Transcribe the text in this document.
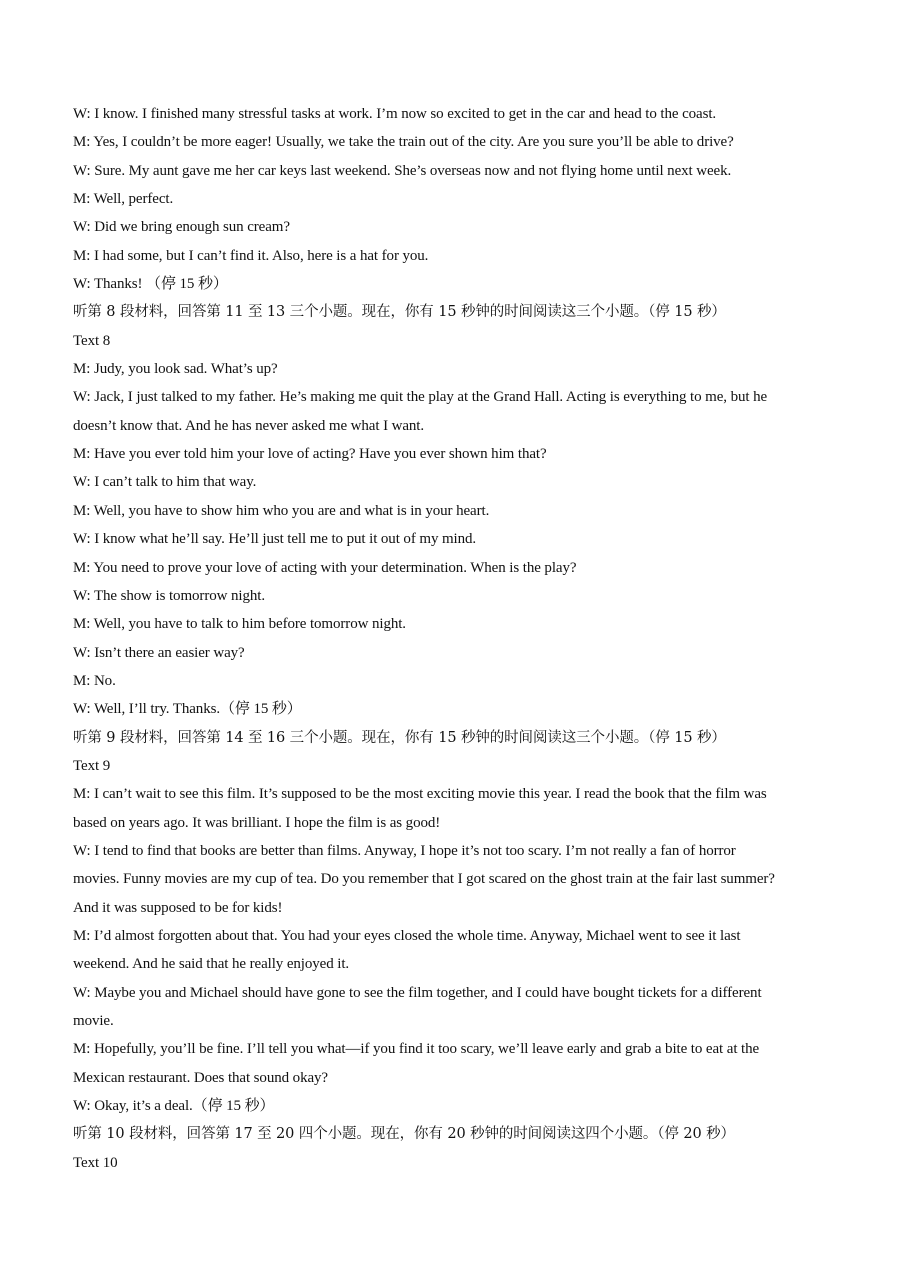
W: I know. I finished many stressful tasks at work. I’m now so excited to get in the car and head to the coast.
M: Yes, I couldn’t be more eager! Usually, we take the train out of the city. Are you sure you’ll be able to drive?
W: Sure. My aunt gave me her car keys last weekend. She’s overseas now and not flying home until next week.
M: Well, perfect.
W: Did we bring enough sun cream?
M: I had some, but I can’t find it. Also, here is a hat for you.
W: Thanks! （停 15 秒）
听第 8 段材料，回答第 11 至 13 三个小题。现在，你有 15 秒钟的时间阅读这三个小题。（停 15 秒）
Text 8
M: Judy, you look sad. What’s up?
W: Jack, I just talked to my father. He’s making me quit the play at the Grand Hall. Acting is everything to me, but he
doesn’t know that. And he has never asked me what I want.
M: Have you ever told him your love of acting? Have you ever shown him that?
W: I can’t talk to him that way.
M: Well, you have to show him who you are and what is in your heart.
W: I know what he’ll say. He’ll just tell me to put it out of my mind.
M: You need to prove your love of acting with your determination. When is the play?
W: The show is tomorrow night.
M: Well, you have to talk to him before tomorrow night.
W: Isn’t there an easier way?
M: No.
W: Well, I’ll try. Thanks.（停 15 秒）
听第 9 段材料，回答第 14 至 16 三个小题。现在，你有 15 秒钟的时间阅读这三个小题。（停 15 秒）
Text 9
M: I can’t wait to see this film. It’s supposed to be the most exciting movie this year. I read the book that the film was
based on years ago. It was brilliant. I hope the film is as good!
W: I tend to find that books are better than films. Anyway, I hope it’s not too scary. I’m not really a fan of horror
movies. Funny movies are my cup of tea. Do you remember that I got scared on the ghost train at the fair last summer?
And it was supposed to be for kids!
M: I’d almost forgotten about that. You had your eyes closed the whole time. Anyway, Michael went to see it last
weekend. And he said that he really enjoyed it.
W: Maybe you and Michael should have gone to see the film together, and I could have bought tickets for a different
movie.
M: Hopefully, you’ll be fine. I’ll tell you what—if you find it too scary, we’ll leave early and grab a bite to eat at the
Mexican restaurant. Does that sound okay?
W: Okay, it’s a deal.（停 15 秒）
听第 10 段材料，回答第 17 至 20 四个小题。现在，你有 20 秒钟的时间阅读这四个小题。（停 20 秒）
Text 10
